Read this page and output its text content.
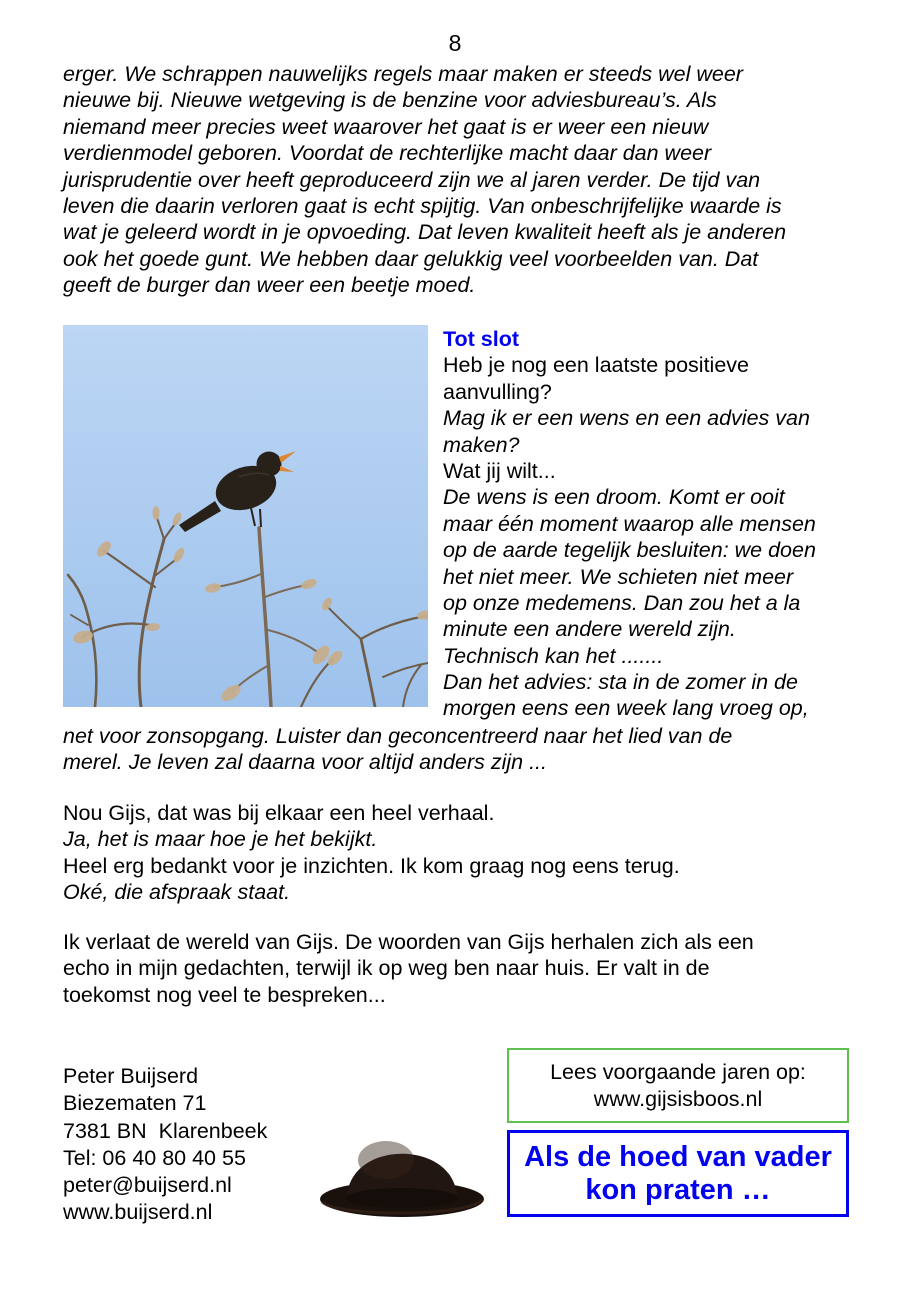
8
erger. We schrappen nauwelijks regels maar maken er steeds wel weer
nieuwe bij. Nieuwe wetgeving is de benzine voor adviesbureau’s. Als
niemand meer precies weet waarover het gaat is er weer een nieuw
verdienmodel geboren. Voordat de rechterlijke macht daar dan weer
jurisprudentie over heeft geproduceerd zijn we al jaren verder. De tijd van
leven die daarin verloren gaat is echt spijtig. Van onbeschrijfelijke waarde is
wat je geleerd wordt in je opvoeding. Dat leven kwaliteit heeft als je anderen
ook het goede gunt. We hebben daar gelukkig veel voorbeelden van. Dat
geeft de burger dan weer een beetje moed.
Tot slot
Heb je nog een laatste positieve
aanvulling?
Mag ik er een wens en een advies van
maken?
Wat jij wilt...
De wens is een droom. Komt er ooit
maar één moment waarop alle mensen
op de aarde tegelijk besluiten: we doen
het niet meer. We schieten niet meer
op onze medemens. Dan zou het a la
minute een andere wereld zijn.
Technisch kan het .......
Dan het advies: sta in de zomer in de
morgen eens een week lang vroeg op,
net voor zonsopgang. Luister dan geconcentreerd naar het lied van de
merel. Je leven zal daarna voor altijd anders zijn ...
Nou Gijs, dat was bij elkaar een heel verhaal.
Ja, het is maar hoe je het bekijkt.
Heel erg bedankt voor je inzichten. Ik kom graag nog eens terug.
Oké, die afspraak staat.
Ik verlaat de wereld van Gijs. De woorden van Gijs herhalen zich als een
echo in mijn gedachten, terwijl ik op weg ben naar huis. Er valt in de
toekomst nog veel te bespreken...
Peter Buijserd
Biezematen 71
7381 BN  Klarenbeek
Tel: 06 40 80 40 55
peter@buijserd.nl
www.buijserd.nl
Lees voorgaande jaren op:
www.gijsisboos.nl
Als de hoed van vader
kon praten …
